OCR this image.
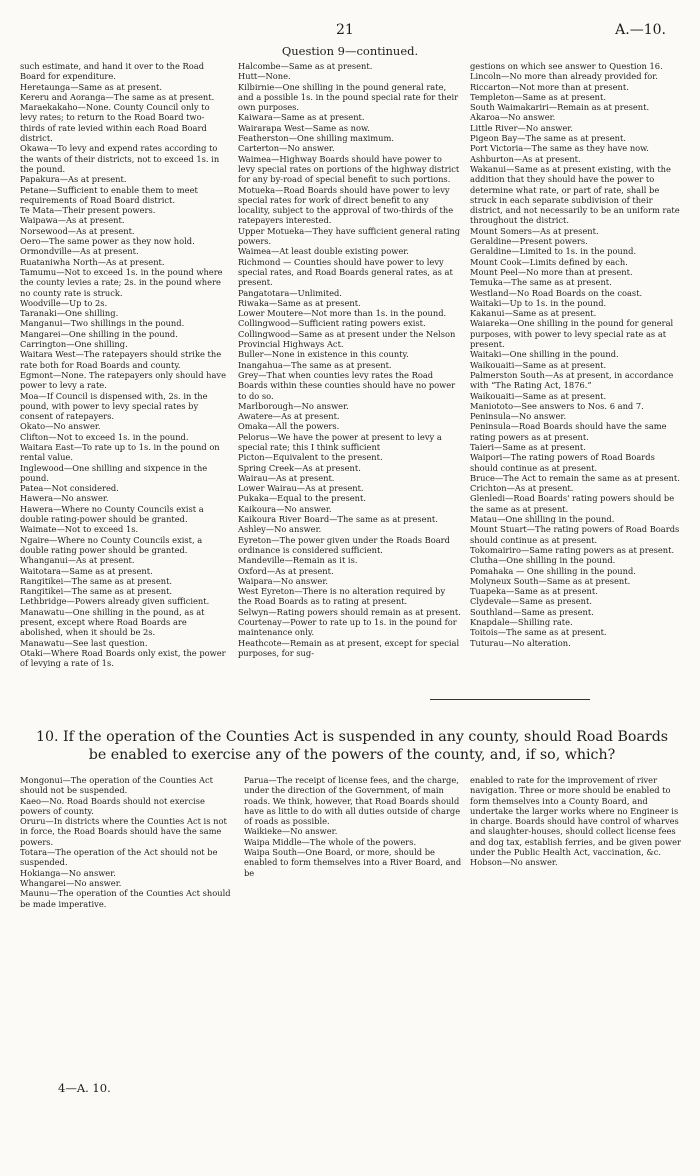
21	A.—10.
Question 9—continued.
such estimate, and hand it over to the Road Board for expenditure.
Heretaunga—Same as at present.
Kereru and Aoranga—The same as at present.
Maraekakaho—None. County Council only to levy rates; to return to the Road Board two-thirds of rate levied within each Road Board district.
Okawa—To levy and expend rates according to the wants of their districts, not to exceed 1s. in the pound.
Papakura—As at present.
Petane—Sufficient to enable them to meet requirements of Road Board district.
Te Mata—Their present powers.
Waipawa—As at present.
Norsewood—As at present.
Oero—The same power as they now hold.
Ormondville—As at present.
Ruataniwha North—As at present.
Tamumu—Not to exceed 1s. in the pound where the county levies a rate; 2s. in the pound where no county rate is struck.
Woodville—Up to 2s.
Taranaki—One shilling.
Manganui—Two shillings in the pound.
Mangarei—One shilling in the pound.
Carrington—One shilling.
Waitara West—The ratepayers should strike the rate both for Road Boards and county.
Egmont—None. The ratepayers only should have power to levy a rate.
Moa—If Council is dispensed with, 2s. in the pound, with power to levy special rates by consent of ratepayers.
Okato—No answer.
Clifton—Not to exceed 1s. in the pound.
Waitara East—To rate up to 1s. in the pound on rental value.
Inglewood—One shilling and sixpence in the pound.
Patea—Not considered.
Hawera—No answer.
Hawera—Where no County Councils exist a double rating-power should be granted.
Waimate—Not to exceed 1s.
Ngaire—Where no County Councils exist, a double rating power should be granted.
Whanganui—As at present.
Waitotara—Same as at present.
Rangitikei—The same as at present.
Rangitikei—The same as at present.
Lethbridge—Powers already given sufficient.
Manawatu—One shilling in the pound, as at present, except where Road Boards are abolished, when it should be 2s.
Manawatu—See last question.
Otaki—Where Road Boards only exist, the power of levying a rate of 1s.
Halcombe—Same as at present.
Hutt—None.
Kilbirnie—One shilling in the pound general rate, and a possible 1s. in the pound special rate for their own purposes.
Kaiwara—Same as at present.
Wairarapa West—Same as now.
Featherston—One shilling maximum.
Carterton—No answer.
Waimea—Highway Boards should have power to levy special rates on portions of the highway district for any by-road of special benefit to such portions.
Motueka—Road Boards should have power to levy special rates for work of direct benefit to any locality, subject to the approval of two-thirds of the ratepayers interested.
Upper Motueka—They have sufficient general rating powers.
Waimea—At least double existing power.
Richmond — Counties should have power to levy special rates, and Road Boards general rates, as at present.
Pangatotara—Unlimited.
Riwaka—Same as at present.
Lower Moutere—Not more than 1s. in the pound.
Collingwood—Sufficient rating powers exist.
Collingwood—Same as at present under the Nelson Provincial Highways Act.
Buller—None in existence in this county.
Inangahua—The same as at present.
Grey—That when counties levy rates the Road Boards within these counties should have no power to do so.
Marlborough—No answer.
Awatere—As at present.
Omaka—All the powers.
Pelorus—We have the power at present to levy a special rate; this I think sufficient
Picton—Equivalent to the present.
Spring Creek—As at present.
Wairau—As at present.
Lower Wairau—As at present.
Pukaka—Equal to the present.
Kaikoura—No answer.
Kaikoura River Board—The same as at present.
Ashley—No answer.
Eyreton—The power given under the Roads Board ordinance is considered sufficient.
Mandeville—Remain as it is.
Oxford—As at present.
Waipara—No answer.
West Eyreton—There is no alteration required by the Road Boards as to rating at present.
Selwyn—Rating powers should remain as at present.
Courtenay—Power to rate up to 1s. in the pound for maintenance only.
Heathcote—Remain as at present, except for special purposes, for sug-
gestions on which see answer to Question 16.
Lincoln—No more than already provided for.
Riccarton—Not more than at present.
Templeton—Same as at present.
South Waimakariri—Remain as at present.
Akaroa—No answer.
Little River—No answer.
Pigeon Bay—The same as at present.
Port Victoria—The same as they have now.
Ashburton—As at present.
Wakanui—Same as at present existing, with the addition that they should have the power to determine what rate, or part of rate, shall be struck in each separate subdivision of their district, and not necessarily to be an uniform rate throughout the district.
Mount Somers—As at present.
Geraldine—Present powers.
Geraldine—Limited to 1s. in the pound.
Mount Cook—Limits defined by each.
Mount Peel—No more than at present.
Temuka—The same as at present.
Westland—No Road Boards on the coast.
Waitaki—Up to 1s. in the pound.
Kakanui—Same as at present.
Waiareka—One shilling in the pound for general purposes, with power to levy special rate as at present.
Waitaki—One shilling in the pound.
Waikouaiti—Same as at present.
Palmerston South—As at present, in accordance with “The Rating Act, 1876.”
Waikouaiti—Same as at present.
Maniototo—See answers to Nos. 6 and 7.
Peninsula—No answer.
Peninsula—Road Boards should have the same rating powers as at present.
Taieri—Same as at present.
Waipori—The rating powers of Road Boards should continue as at present.
Bruce—The Act to remain the same as at present.
Crichton—As at present.
Glenledi—Road Boards' rating powers should be the same as at present.
Matau—One shilling in the pound.
Mount Stuart—The rating powers of Road Boards should continue as at present.
Tokomairiro—Same rating powers as at present.
Clutha—One shilling in the pound.
Pomahaka — One shilling in the pound.
Molyneux South—Same as at present.
Tuapeka—Same as at present.
Clydevale—Same as present.
Southland—Same as present.
Knapdale—Shilling rate.
Toitois—The same as at present.
Tuturau—No alteration.
10. If the operation of the Counties Act is suspended in any county, should Road Boards be enabled to exercise any of the powers of the county, and, if so, which?
Mongonui—The operation of the Counties Act should not be suspended.
Kaeo—No. Road Boards should not exercise powers of county.
Oruru—In districts where the Counties Act is not in force, the Road Boards should have the same powers.
Totara—The operation of the Act should not be suspended.
Hokianga—No answer.
Whangarei—No answer.
Maunu—The operation of the Counties Act should be made imperative.
Parua—The receipt of license fees, and the charge, under the direction of the Government, of main roads. We think, however, that Road Boards should have as little to do with all duties outside of charge of roads as possible.
Waikieke—No answer.
Waipa Middle—The whole of the powers.
Waipa South—One Board, or more, should be enabled to form themselves into a River Board, and be
enabled to rate for the improvement of river navigation. Three or more should be enabled to form themselves into a County Board, and undertake the larger works where no Engineer is in charge. Boards should have control of wharves and slaughter-houses, should collect license fees and dog tax, establish ferries, and be given power under the Public Health Act, vaccination, &c.
Hobson—No answer.
4—A. 10.
